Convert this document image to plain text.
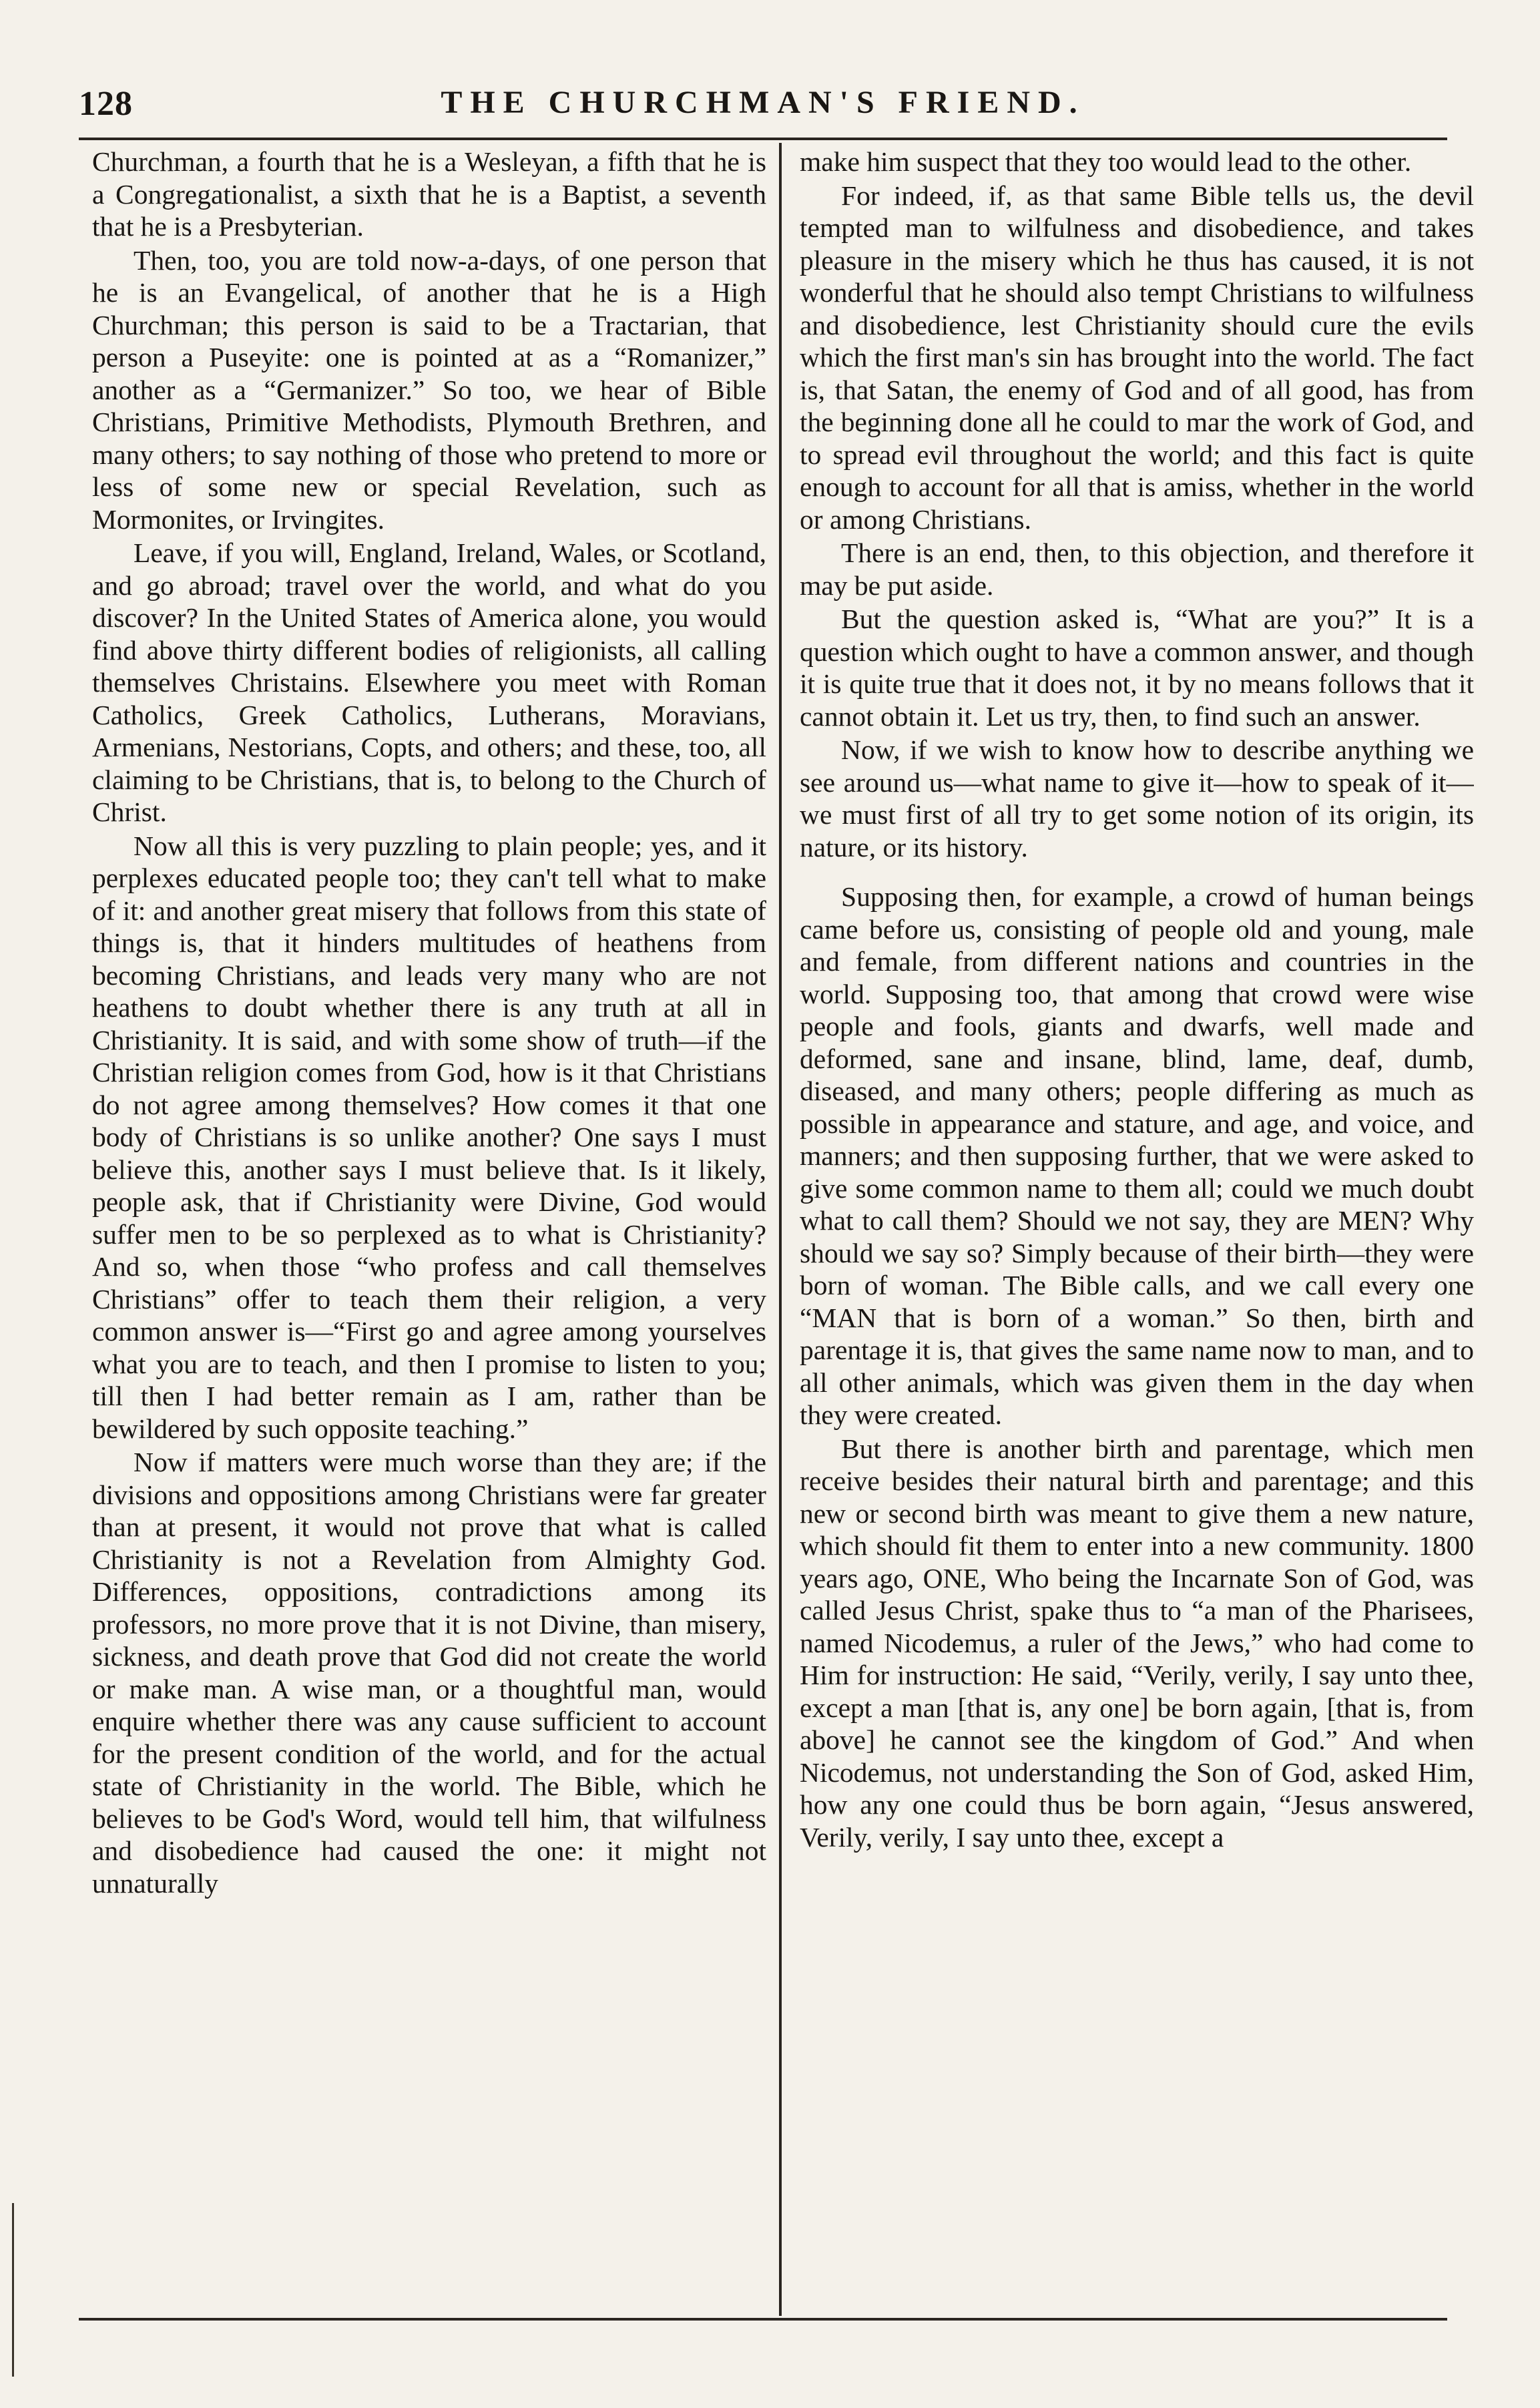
128	THE CHURCHMAN'S FRIEND.

Churchman, a fourth that he is a Wesleyan, a fifth that he is a Congregationalist, a sixth that he is a Baptist, a seventh that he is a Presbyterian.

Then, too, you are told now-a-days, of one person that he is an Evangelical, of another that he is a High Churchman; this person is said to be a Tractarian, that person a Puseyite: one is pointed at as a “Romanizer,” another as a “Germanizer.” So too, we hear of Bible Christians, Primitive Methodists, Plymouth Brethren, and many others; to say nothing of those who pretend to more or less of some new or special Revelation, such as Mormonites, or Irvingites.

Leave, if you will, England, Ireland, Wales, or Scotland, and go abroad; travel over the world, and what do you discover? In the United States of America alone, you would find above thirty different bodies of religionists, all calling themselves Christains. Elsewhere you meet with Roman Catholics, Greek Catholics, Lutherans, Moravians, Armenians, Nestorians, Copts, and others; and these, too, all claiming to be Christians, that is, to belong to the Church of Christ.

Now all this is very puzzling to plain people; yes, and it perplexes educated people too; they can't tell what to make of it: and another great misery that follows from this state of things is, that it hinders multitudes of heathens from becoming Christians, and leads very many who are not heathens to doubt whether there is any truth at all in Christianity. It is said, and with some show of truth—if the Christian religion comes from God, how is it that Christians do not agree among themselves? How comes it that one body of Christians is so unlike another? One says I must believe this, another says I must believe that. Is it likely, people ask, that if Christianity were Divine, God would suffer men to be so perplexed as to what is Christianity? And so, when those “who profess and call themselves Christians” offer to teach them their religion, a very common answer is—“First go and agree among yourselves what you are to teach, and then I promise to listen to you; till then I had better remain as I am, rather than be bewildered by such opposite teaching.”

Now if matters were much worse than they are; if the divisions and oppositions among Christians were far greater than at present, it would not prove that what is called Christianity is not a Revelation from Almighty God. Differences, oppositions, contradictions among its professors, no more prove that it is not Divine, than misery, sickness, and death prove that God did not create the world or make man. A wise man, or a thoughtful man, would enquire whether there was any cause sufficient to account for the present condition of the world, and for the actual state of Christianity in the world. The Bible, which he believes to be God's Word, would tell him, that wilfulness and disobedience had caused the one: it might not unnaturally

make him suspect that they too would lead to the other.

For indeed, if, as that same Bible tells us, the devil tempted man to wilfulness and disobedience, and takes pleasure in the misery which he thus has caused, it is not wonderful that he should also tempt Christians to wilfulness and disobedience, lest Christianity should cure the evils which the first man's sin has brought into the world. The fact is, that Satan, the enemy of God and of all good, has from the beginning done all he could to mar the work of God, and to spread evil throughout the world; and this fact is quite enough to account for all that is amiss, whether in the world or among Christians.

There is an end, then, to this objection, and therefore it may be put aside.

But the question asked is, “What are you?” It is a question which ought to have a common answer, and though it is quite true that it does not, it by no means follows that it cannot obtain it. Let us try, then, to find such an answer.

Now, if we wish to know how to describe anything we see around us—what name to give it—how to speak of it—we must first of all try to get some notion of its origin, its nature, or its history.

Supposing then, for example, a crowd of human beings came before us, consisting of people old and young, male and female, from different nations and countries in the world. Supposing too, that among that crowd were wise people and fools, giants and dwarfs, well made and deformed, sane and insane, blind, lame, deaf, dumb, diseased, and many others; people differing as much as possible in appearance and stature, and age, and voice, and manners; and then supposing further, that we were asked to give some common name to them all; could we much doubt what to call them? Should we not say, they are MEN? Why should we say so? Simply because of their birth—they were born of woman. The Bible calls, and we call every one “MAN that is born of a woman.” So then, birth and parentage it is, that gives the same name now to man, and to all other animals, which was given them in the day when they were created.

But there is another birth and parentage, which men receive besides their natural birth and parentage; and this new or second birth was meant to give them a new nature, which should fit them to enter into a new community. 1800 years ago, ONE, Who being the Incarnate Son of God, was called Jesus Christ, spake thus to “a man of the Pharisees, named Nicodemus, a ruler of the Jews,” who had come to Him for instruction: He said, “Verily, verily, I say unto thee, except a man [that is, any one] be born again, [that is, from above] he cannot see the kingdom of God.” And when Nicodemus, not understanding the Son of God, asked Him, how any one could thus be born again, “Jesus answered, Verily, verily, I say unto thee, except a
